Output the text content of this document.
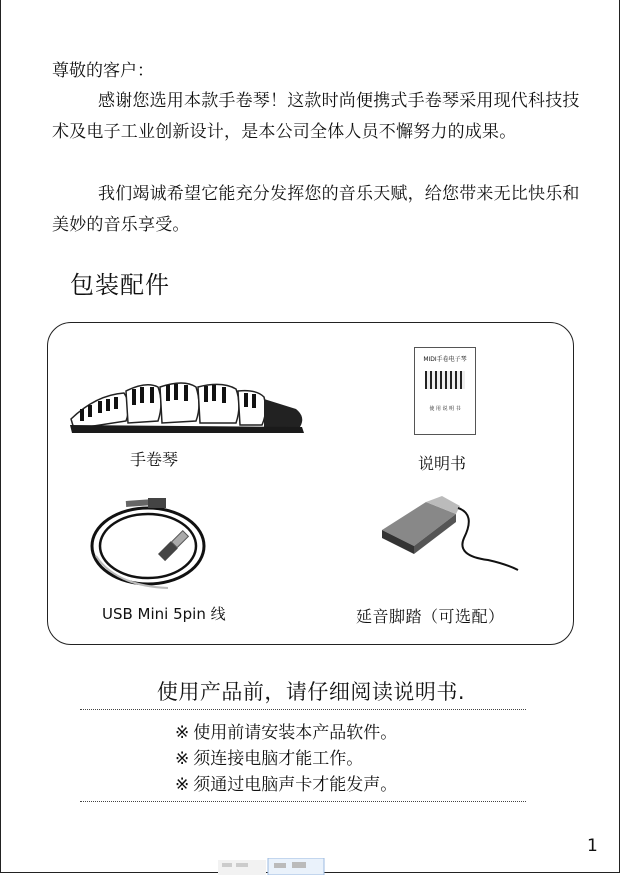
尊敬的客户：
感谢您选用本款手卷琴！这款时尚便携式手卷琴采用现代科技技术及电子工业创新设计，是本公司全体人员不懈努力的成果。
我们竭诚希望它能充分发挥您的音乐天赋，给您带来无比快乐和美妙的音乐享受。
包装配件
手卷琴
MIDI手卷电子琴
使 用 说 明 书
说明书
USB Mini 5pin 线	延音脚踏（可选配）
使用产品前，请仔细阅读说明书.
※ 使用前请安装本产品软件。
※ 须连接电脑才能工作。
※ 须通过电脑声卡才能发声。
1
